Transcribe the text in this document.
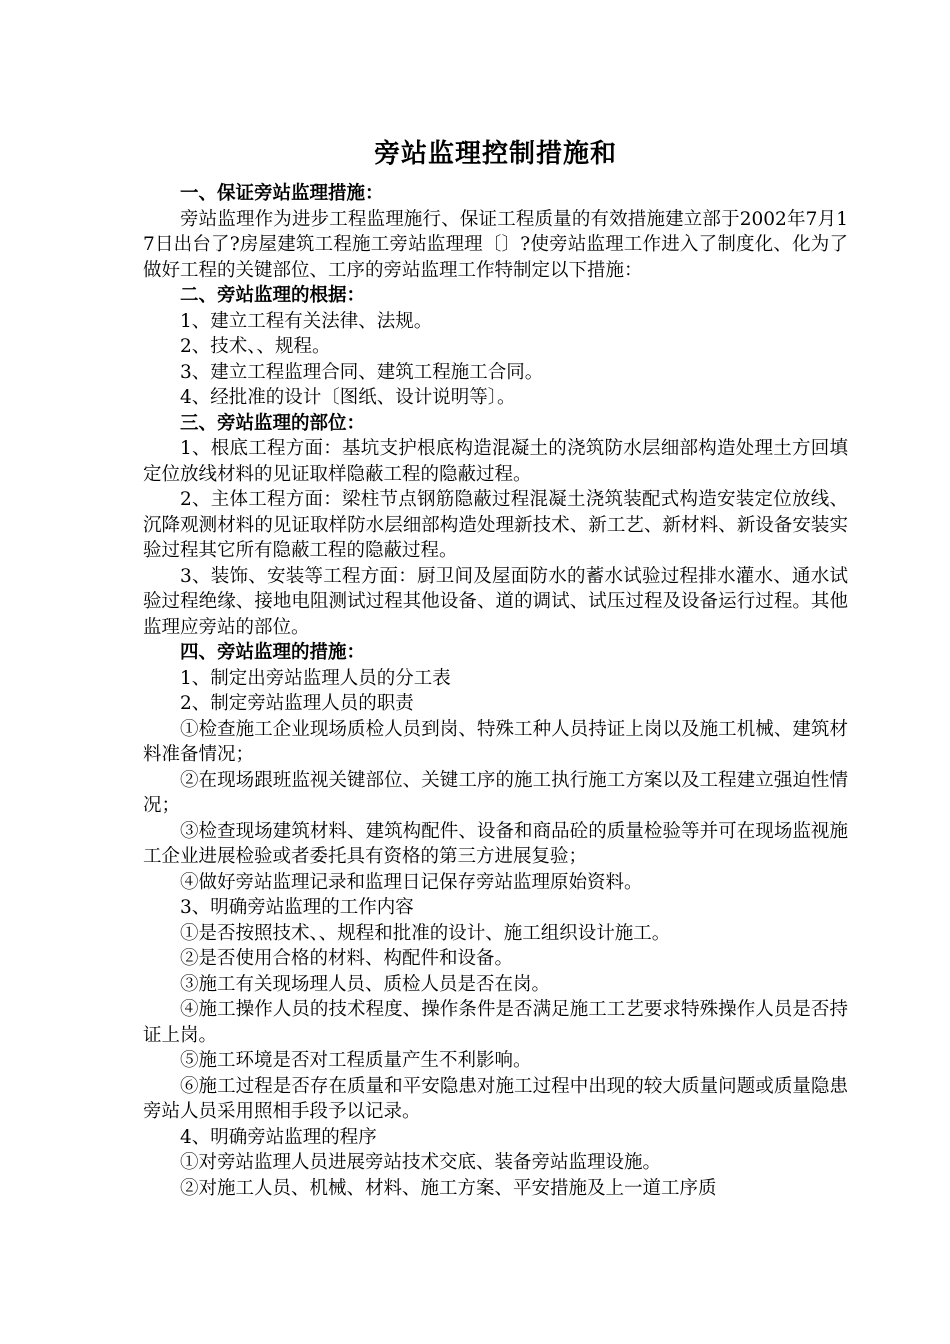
旁站监理控制措施和

一、保证旁站监理措施：

旁站监理作为进步工程监理施行、保证工程质量的有效措施建立部于2002年7月17日出台了?房屋建筑工程施工旁站监理理〔〕?使旁站监理工作进入了制度化、化为了做好工程的关键部位、工序的旁站监理工作特制定以下措施：

二、旁站监理的根据：

1、建立工程有关法律、法规。

2、技术、、规程。

3、建立工程监理合同、建筑工程施工合同。

4、经批准的设计〔图纸、设计说明等〕。

三、旁站监理的部位：

1、根底工程方面：基坑支护根底构造混凝土的浇筑防水层细部构造处理土方回填定位放线材料的见证取样隐蔽工程的隐蔽过程。

2、主体工程方面：梁柱节点钢筋隐蔽过程混凝土浇筑装配式构造安装定位放线、沉降观测材料的见证取样防水层细部构造处理新技术、新工艺、新材料、新设备安装实验过程其它所有隐蔽工程的隐蔽过程。

3、装饰、安装等工程方面：厨卫间及屋面防水的蓄水试验过程排水灌水、通水试验过程绝缘、接地电阻测试过程其他设备、道的调试、试压过程及设备运行过程。其他监理应旁站的部位。

四、旁站监理的措施：

1、制定出旁站监理人员的分工表

2、制定旁站监理人员的职责

①检查施工企业现场质检人员到岗、特殊工种人员持证上岗以及施工机械、建筑材料准备情况；

②在现场跟班监视关键部位、关键工序的施工执行施工方案以及工程建立强迫性情况；

③检查现场建筑材料、建筑构配件、设备和商品砼的质量检验等并可在现场监视施工企业进展检验或者委托具有资格的第三方进展复验；

④做好旁站监理记录和监理日记保存旁站监理原始资料。

3、明确旁站监理的工作内容

①是否按照技术、、规程和批准的设计、施工组织设计施工。

②是否使用合格的材料、构配件和设备。

③施工有关现场理人员、质检人员是否在岗。

④施工操作人员的技术程度、操作条件是否满足施工工艺要求特殊操作人员是否持证上岗。

⑤施工环境是否对工程质量产生不利影响。

⑥施工过程是否存在质量和平安隐患对施工过程中出现的较大质量问题或质量隐患旁站人员采用照相手段予以记录。

4、明确旁站监理的程序

①对旁站监理人员进展旁站技术交底、装备旁站监理设施。

②对施工人员、机械、材料、施工方案、平安措施及上一道工序质
